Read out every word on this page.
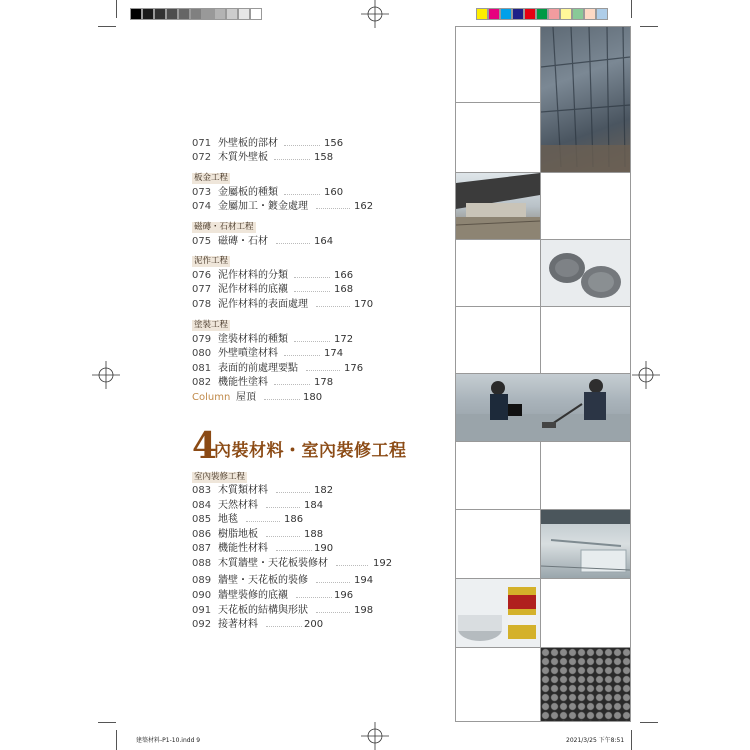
071 外壁板的部材	156
072 木質外壁板	158
板金工程
073 金屬板的種類	160
074 金屬加工・鍍金處理	162
磁磚・石材工程
075 磁磚・石材	164
泥作工程
076 泥作材料的分類	166
077 泥作材料的底襯	168
078 泥作材料的表面處理	170
塗裝工程
079 塗裝材料的種類	172
080 外壁噴塗材料	174
081 表面的前處理要點	176
082 機能性塗料	178
Column 屋頂	180
室內裝修工程
083 木質類材料	182
084 天然材料	184
085 地毯	186
086 樹脂地板	188
087 機能性材料	190
088 木質牆壁・天花板裝修材	192
089 牆壁・天花板的裝修	194
090 牆壁裝修的底襯	196
091 天花板的結構與形狀	198
092 接著材料	200
4
內裝材料・室內裝修工程
建築材料-P1-10.indd 9	2021/3/25 下午8:51
